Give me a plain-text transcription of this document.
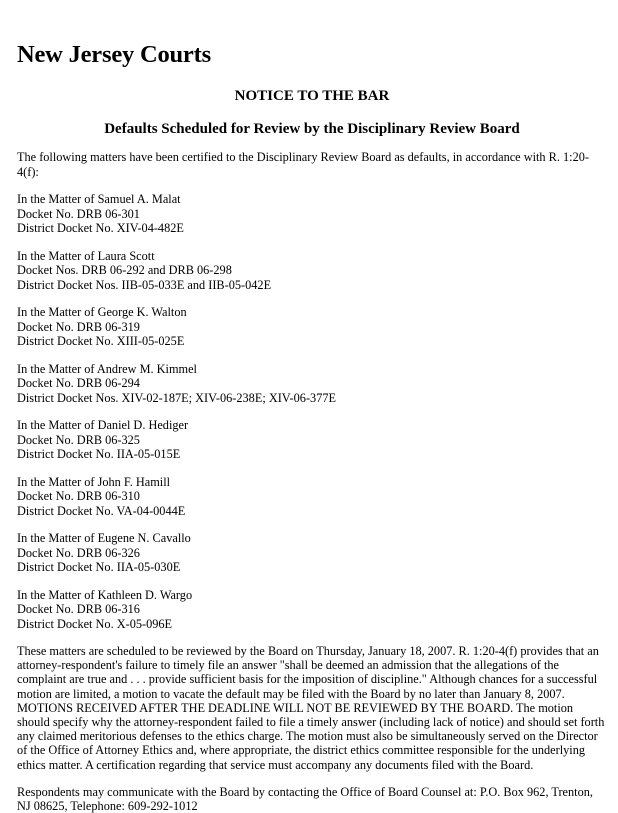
New Jersey Courts
NOTICE TO THE BAR
Defaults Scheduled for Review by the Disciplinary Review Board

The following matters have been certified to the Disciplinary Review Board as defaults, in accordance with R. 1:20-4(f):

In the Matter of Samuel A. Malat
Docket No. DRB 06-301
District Docket No. XIV-04-482E
In the Matter of Laura Scott
Docket Nos. DRB 06-292 and DRB 06-298
District Docket Nos. IIB-05-033E and IIB-05-042E
In the Matter of George K. Walton
Docket No. DRB 06-319
District Docket No. XIII-05-025E
In the Matter of Andrew M. Kimmel
Docket No. DRB 06-294
District Docket Nos. XIV-02-187E; XIV-06-238E; XIV-06-377E
In the Matter of Daniel D. Hediger
Docket No. DRB 06-325
District Docket No. IIA-05-015E
In the Matter of John F. Hamill
Docket No. DRB 06-310
District Docket No. VA-04-0044E
In the Matter of Eugene N. Cavallo
Docket No. DRB 06-326
District Docket No. IIA-05-030E
In the Matter of Kathleen D. Wargo
Docket No. DRB 06-316
District Docket No. X-05-096E

These matters are scheduled to be reviewed by the Board on Thursday, January 18, 2007. R. 1:20-4(f) provides that an attorney-respondent's failure to timely file an answer "shall be deemed an admission that the allegations of the complaint are true and . . . provide sufficient basis for the imposition of discipline." Although chances for a successful motion are limited, a motion to vacate the default may be filed with the Board by no later than January 8, 2007. MOTIONS RECEIVED AFTER THE DEADLINE WILL NOT BE REVIEWED BY THE BOARD. The motion should specify why the attorney-respondent failed to file a timely answer (including lack of notice) and should set forth any claimed meritorious defenses to the ethics charge. The motion must also be simultaneously served on the Director of the Office of Attorney Ethics and, where appropriate, the district ethics committee responsible for the underlying ethics matter. A certification regarding that service must accompany any documents filed with the Board.

Respondents may communicate with the Board by contacting the Office of Board Counsel at: P.O. Box 962, Trenton, NJ 08625, Telephone: 609-292-1012
